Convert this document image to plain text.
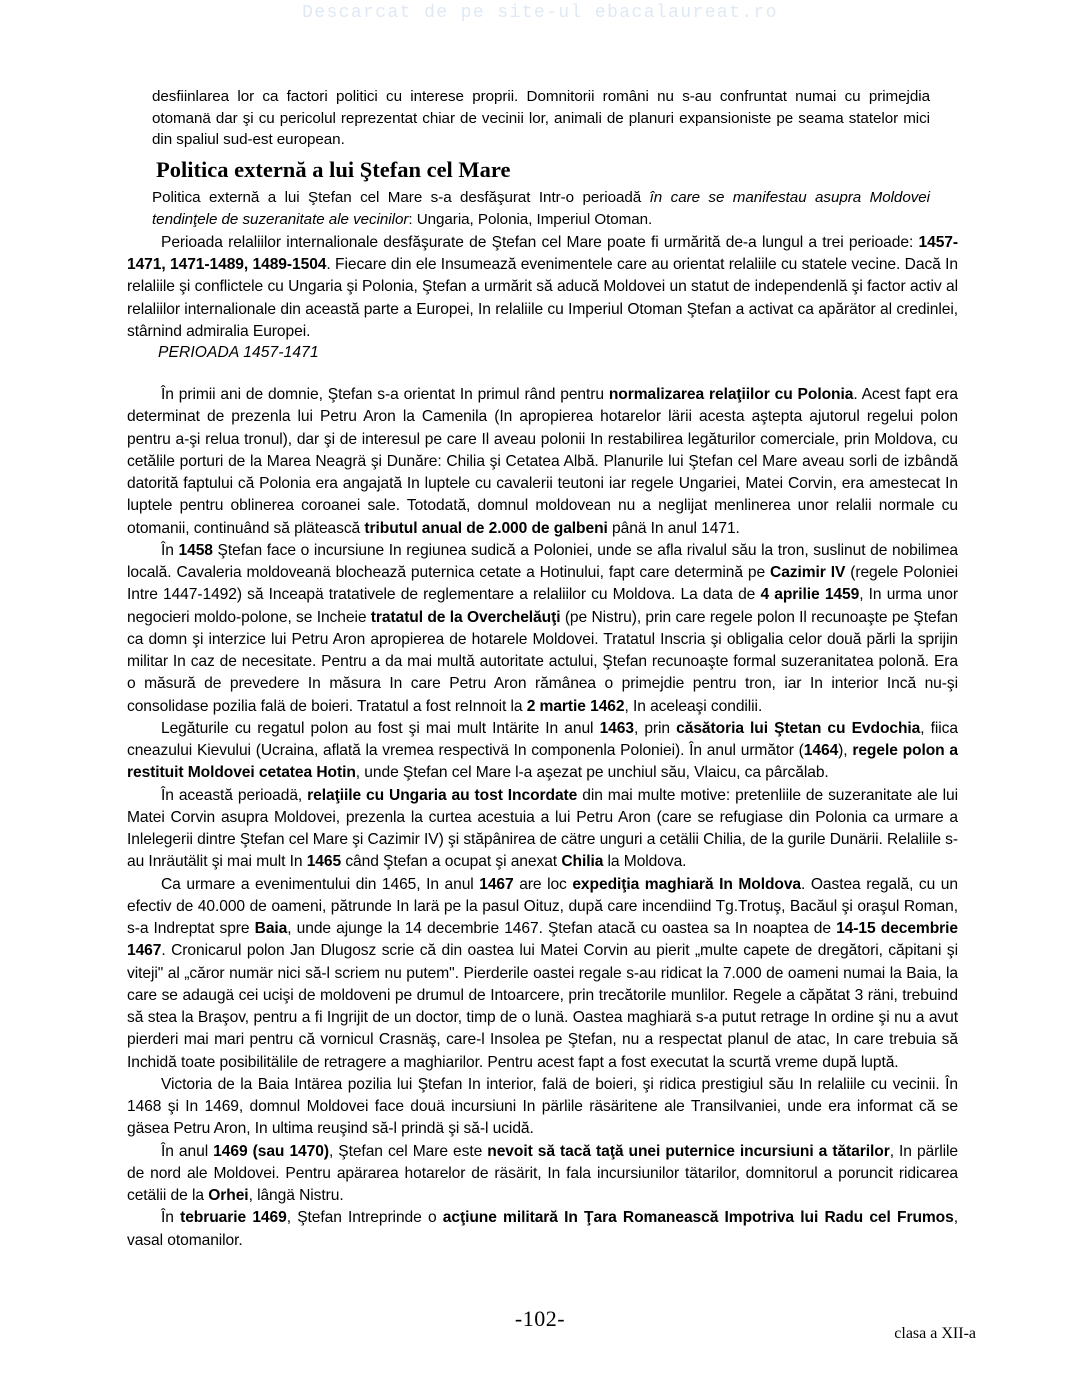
Descarcat de pe site-ul ebacalaureat.ro

desfiinlarea lor ca factori politici cu interese proprii. Domnitorii români nu s-au confruntat numai cu primejdia otomanä dar şi cu pericolul reprezentat chiar de vecinii lor, animali de planuri expansioniste pe seama statelor mici din spaliul sud-est european.

Politica externă a lui Ştefan cel Mare

Politica externă a lui Ştefan cel Mare s-a desfăşurat Intr-o perioadă în care se manifestau asupra Moldovei tendinţele de suzeranitate ale vecinilor: Ungaria, Polonia, Imperiul Otoman.

Perioada relaliilor internalionale desfăşurate de Ştefan cel Mare poate fi urmărită de-a lungul a trei perioade: 1457-1471, 1471-1489, 1489-1504. Fiecare din ele Insumează evenimentele care au orientat relaliile cu statele vecine. Dacă In relaliile şi conflictele cu Ungaria şi Polonia, Ştefan a urmărit să aducă Moldovei un statut de independenlă şi factor activ al relaliilor internalionale din această parte a Europei, In relaliile cu Imperiul Otoman Ştefan a activat ca apărätor al credinlei, stârnind admiralia Europei.

PERIOADA 1457-1471

În primii ani de domnie, Ştefan s-a orientat In primul rând pentru normalizarea relaţiilor cu Polonia. Acest fapt era determinat de prezenla lui Petru Aron la Camenila (In apropierea hotarelor lärii acesta aştepta ajutorul regelui polon pentru a-şi relua tronul), dar şi de interesul pe care Il aveau polonii In restabilirea legăturilor comerciale, prin Moldova, cu cetălile porturi de la Marea Neagrä şi Dunăre: Chilia şi Cetatea Albă. Planurile lui Ştefan cel Mare aveau sorli de izbândă datorită faptului că Polonia era angajată In luptele cu cavalerii teutoni iar regele Ungariei, Matei Corvin, era amestecat In luptele pentru oblinerea coroanei sale. Totodată, domnul moldovean nu a neglijat menlinerea unor relalii normale cu otomanii, continuând să plätească tributul anual de 2.000 de galbeni pânä In anul 1471.

În 1458 Ştefan face o incursiune In regiunea sudică a Poloniei, unde se afla rivalul său la tron, suslinut de nobilimea locală. Cavaleria moldoveanä blochează puternica cetate a Hotinului, fapt care determină pe Cazimir IV (regele Poloniei Intre 1447-1492) să Inceapä tratativele de reglementare a relaliilor cu Moldova. La data de 4 aprilie 1459, In urma unor negocieri moldo-polone, se Incheie tratatul de la Overchelăuţi (pe Nistru), prin care regele polon Il recunoaşte pe Ştefan ca domn şi interzice lui Petru Aron apropierea de hotarele Moldovei. Tratatul Inscria şi obligalia celor două părli la sprijin militar In caz de necesitate. Pentru a da mai multă autoritate actului, Ştefan recunoaşte formal suzeranitatea polonă. Era o măsură de prevedere In măsura In care Petru Aron rămânea o primejdie pentru tron, iar In interior Incă nu-şi consolidase pozilia falä de boieri. Tratatul a fost reInnoit la 2 martie 1462, In aceleaşi condilii.

Legăturile cu regatul polon au fost şi mai mult Intärite In anul 1463, prin căsătoria lui Ştetan cu Evdochia, fiica cneazului Kievului (Ucraina, aflată la vremea respectivä In componenla Poloniei). În anul următor (1464), regele polon a restituit Moldovei cetatea Hotin, unde Ştefan cel Mare l-a aşezat pe unchiul său, Vlaicu, ca pârcălab.

În această perioadä, relaţiile cu Ungaria au tost Incordate din mai multe motive: pretenliile de suzeranitate ale lui Matei Corvin asupra Moldovei, prezenla la curtea acestuia a lui Petru Aron (care se refugiase din Polonia ca urmare a Inlelegerii dintre Ştefan cel Mare şi Cazimir IV) şi stăpânirea de cätre unguri a cetälii Chilia, de la gurile Dunärii. Relaliile s-au Inräutälit şi mai mult In 1465 când Ştefan a ocupat şi anexat Chilia la Moldova.

Ca urmare a evenimentului din 1465, In anul 1467 are loc expediţia maghiară In Moldova. Oastea regală, cu un efectiv de 40.000 de oameni, pătrunde In larä pe la pasul Oituz, după care incendiind Tg.Trotuş, Bacăul şi oraşul Roman, s-a Indreptat spre Baia, unde ajunge la 14 decembrie 1467. Ştefan atacă cu oastea sa In noaptea de 14-15 decembrie 1467. Cronicarul polon Jan Dlugosz scrie că din oastea lui Matei Corvin au pierit „multe capete de dregători, căpitani şi viteji" al „căror numär nici să-l scriem nu putem". Pierderile oastei regale s-au ridicat la 7.000 de oameni numai la Baia, la care se adaugä cei ucişi de moldoveni pe drumul de Intoarcere, prin trecătorile munlilor. Regele a căpătat 3 räni, trebuind să stea la Braşov, pentru a fi Ingrijit de un doctor, timp de o lunä. Oastea maghiarä s-a putut retrage In ordine şi nu a avut pierderi mai mari pentru că vornicul Crasnäş, care-l Insolea pe Ştefan, nu a respectat planul de atac, In care trebuia să Inchidă toate posibilitälile de retragere a maghiarilor. Pentru acest fapt a fost executat la scurtă vreme după luptă.

Victoria de la Baia Intärea pozilia lui Ştefan In interior, falä de boieri, şi ridica prestigiul său In relaliile cu vecinii. În 1468 şi In 1469, domnul Moldovei face douä incursiuni In pärlile räsäritene ale Transilvaniei, unde era informat că se gäsea Petru Aron, In ultima reuşind să-l prindä şi să-l ucidă.

În anul 1469 (sau 1470), Ştefan cel Mare este nevoit să tacă taţă unei puternice incursiuni a tătarilor, In pärlile de nord ale Moldovei. Pentru apärarea hotarelor de räsärit, In fala incursiunilor tätarilor, domnitorul a poruncit ridicarea cetälii de la Orhei, lângä Nistru.

În tebruarie 1469, Ştefan Intreprinde o acţiune militară In Ţara Romanească Impotriva lui Radu cel Frumos, vasal otomanilor.

-102-
clasa a XII-a
